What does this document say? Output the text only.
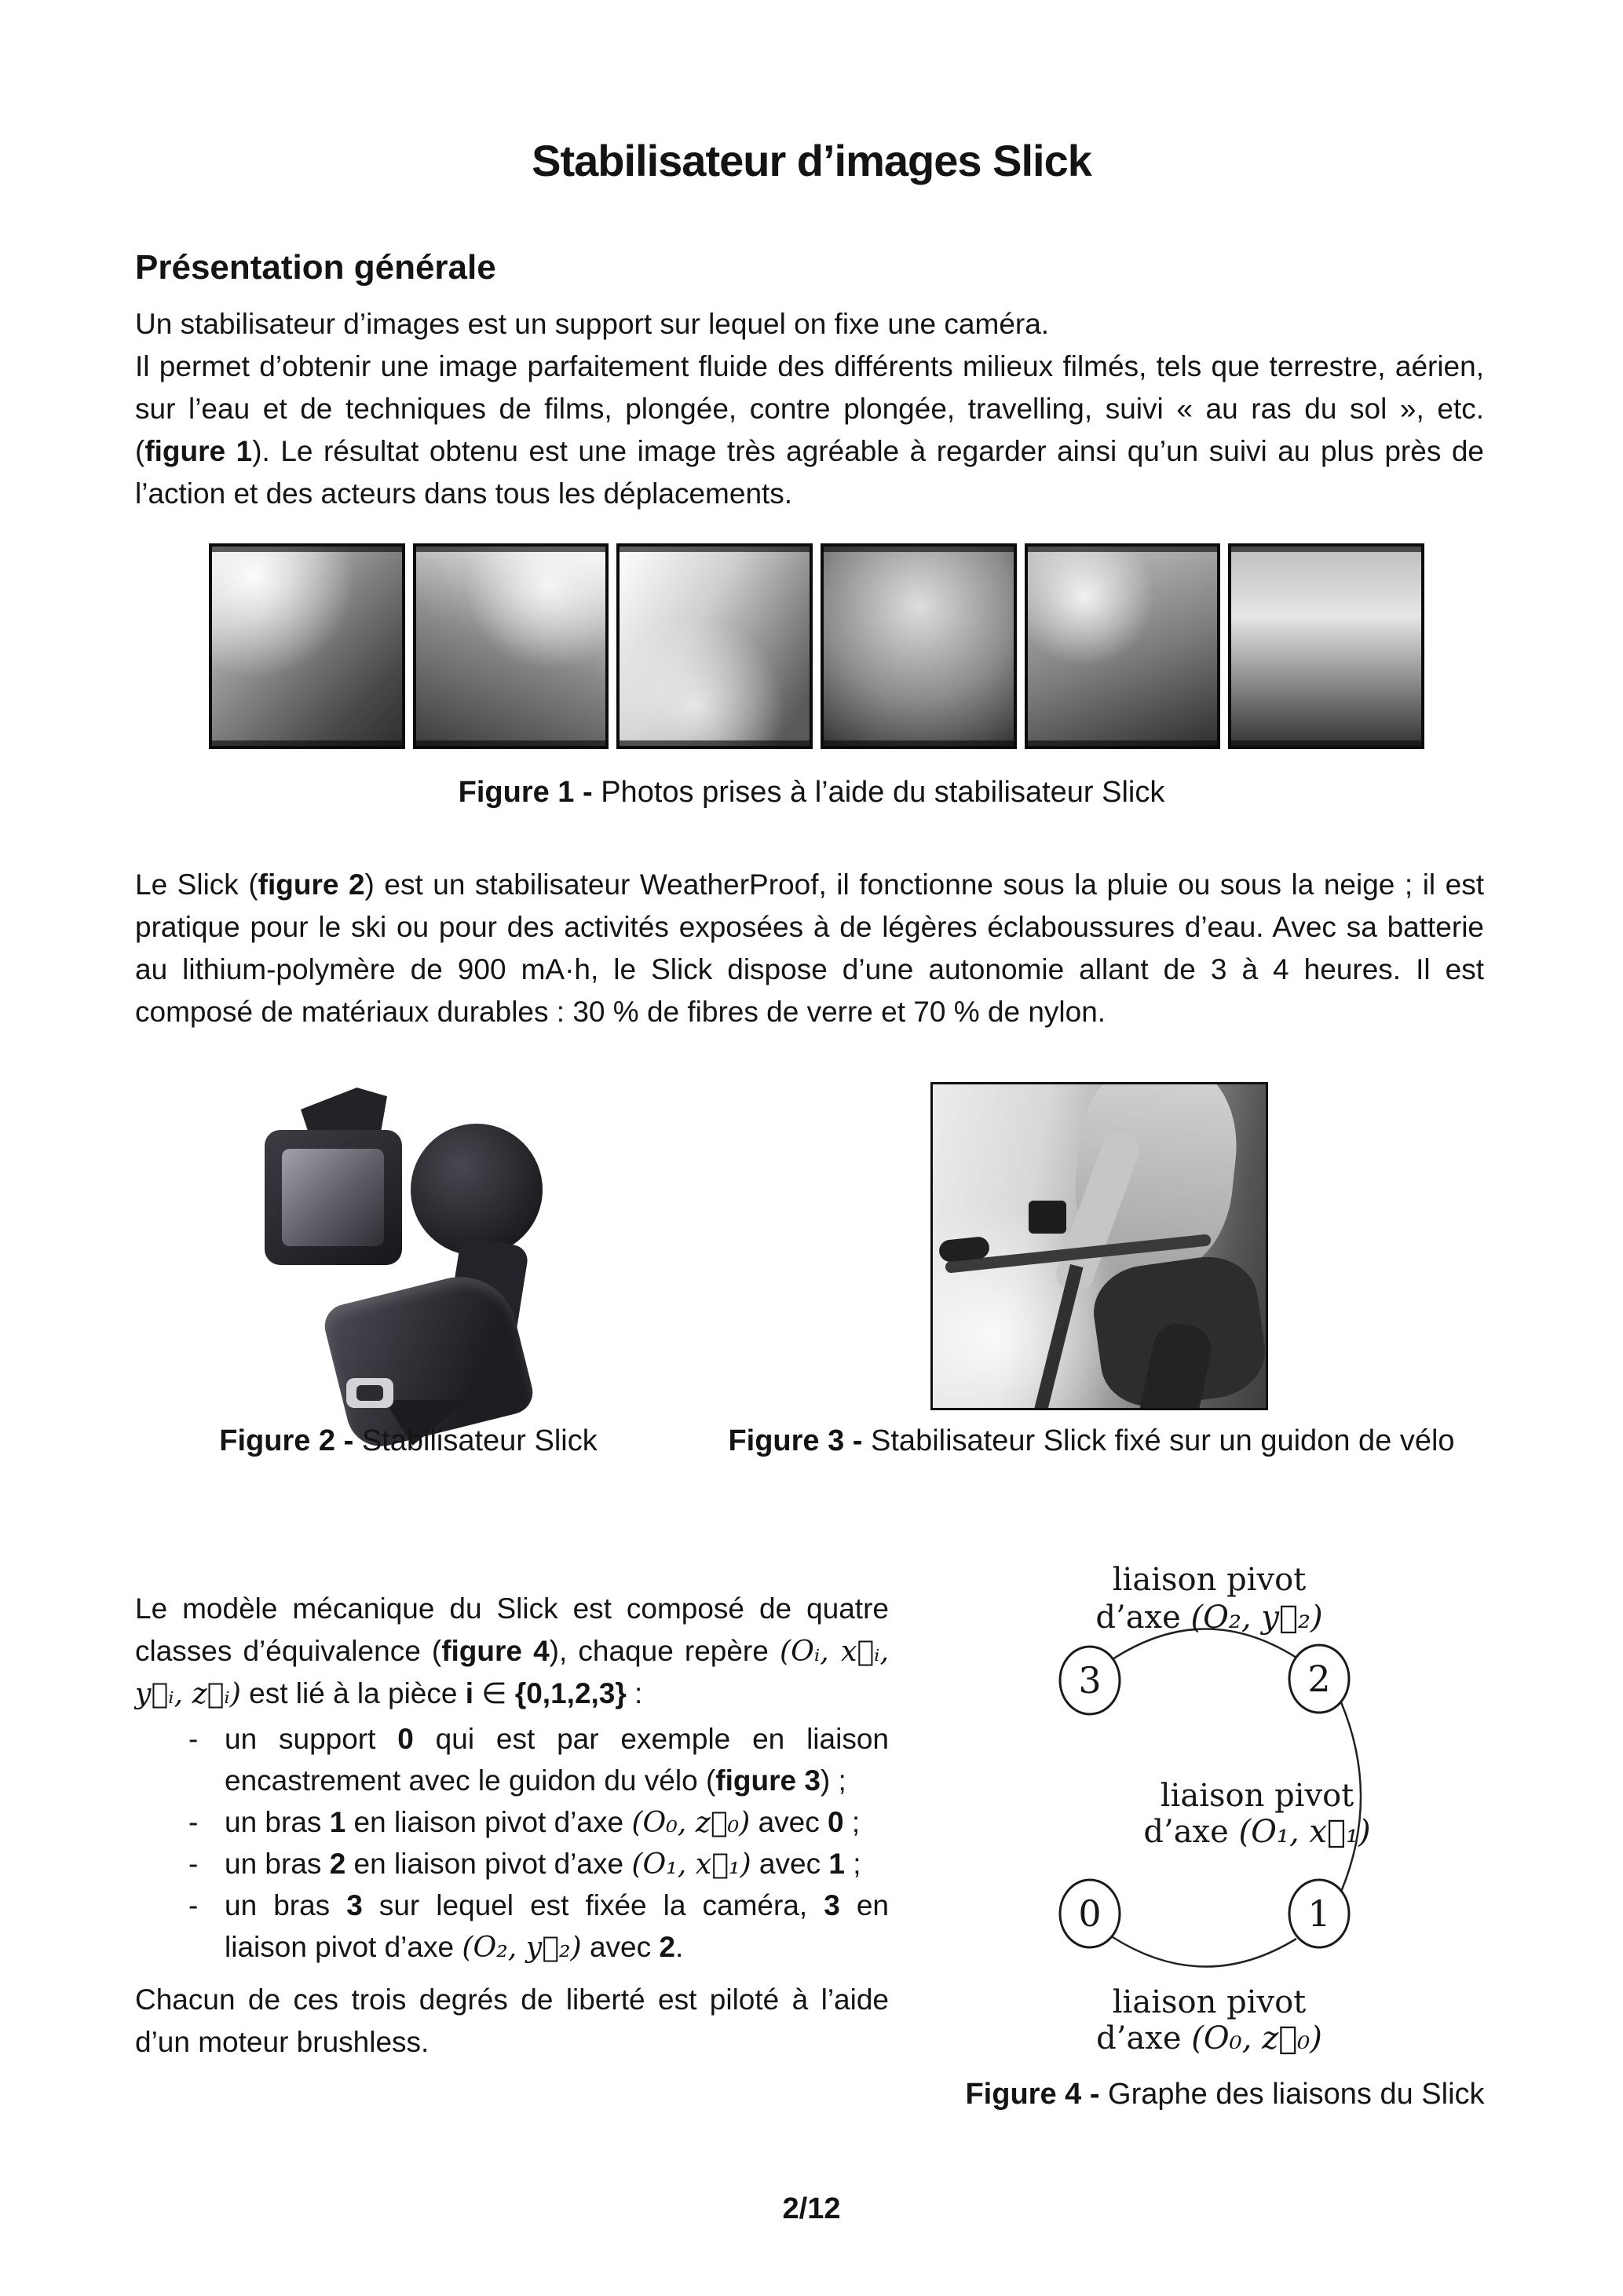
Stabilisateur d’images Slick
Présentation générale

Un stabilisateur d’images est un support sur lequel on fixe une caméra.
Il permet d’obtenir une image parfaitement fluide des différents milieux filmés, tels que terrestre, aérien, sur l’eau et de techniques de films, plongée, contre plongée, travelling, suivi « au ras du sol », etc. (figure 1). Le résultat obtenu est une image très agréable à regarder ainsi qu’un suivi au plus près de l’action et des acteurs dans tous les déplacements.

Figure 1 - Photos prises à l’aide du stabilisateur Slick

Le Slick (figure 2) est un stabilisateur WeatherProof, il fonctionne sous la pluie ou sous la neige ; il est pratique pour le ski ou pour des activités exposées à de légères éclaboussures d’eau. Avec sa batterie au lithium-polymère de 900 mA·h, le Slick dispose d’une autonomie allant de 3 à 4 heures. Il est composé de matériaux durables : 30 % de fibres de verre et 70 % de nylon.

Figure 2 - Stabilisateur Slick	Figure 3 - Stabilisateur Slick fixé sur un guidon de vélo

Le modèle mécanique du Slick est composé de quatre classes d’équivalence (figure 4), chaque repère (Oᵢ, x⃗ᵢ, y⃗ᵢ, z⃗ᵢ) est lié à la pièce i ∈ {0,1,2,3} :

- un support 0 qui est par exemple en liaison encastrement avec le guidon du vélo (figure 3) ;
- un bras 1 en liaison pivot d’axe (O₀, z⃗₀) avec 0 ;
- un bras 2 en liaison pivot d’axe (O₁, x⃗₁) avec 1 ;
- un bras 3 sur lequel est fixée la caméra, 3 en liaison pivot d’axe (O₂, y⃗₂) avec 2.

Chacun de ces trois degrés de liberté est piloté à l’aide d’un moteur brushless.

3	2
0	1
liaison pivot
d’axe (O₂, y⃗₂)
liaison pivot
d’axe (O₁, x⃗₁)
liaison pivot
d’axe (O₀, z⃗₀)
Figure 4 - Graphe des liaisons du Slick
2/12
